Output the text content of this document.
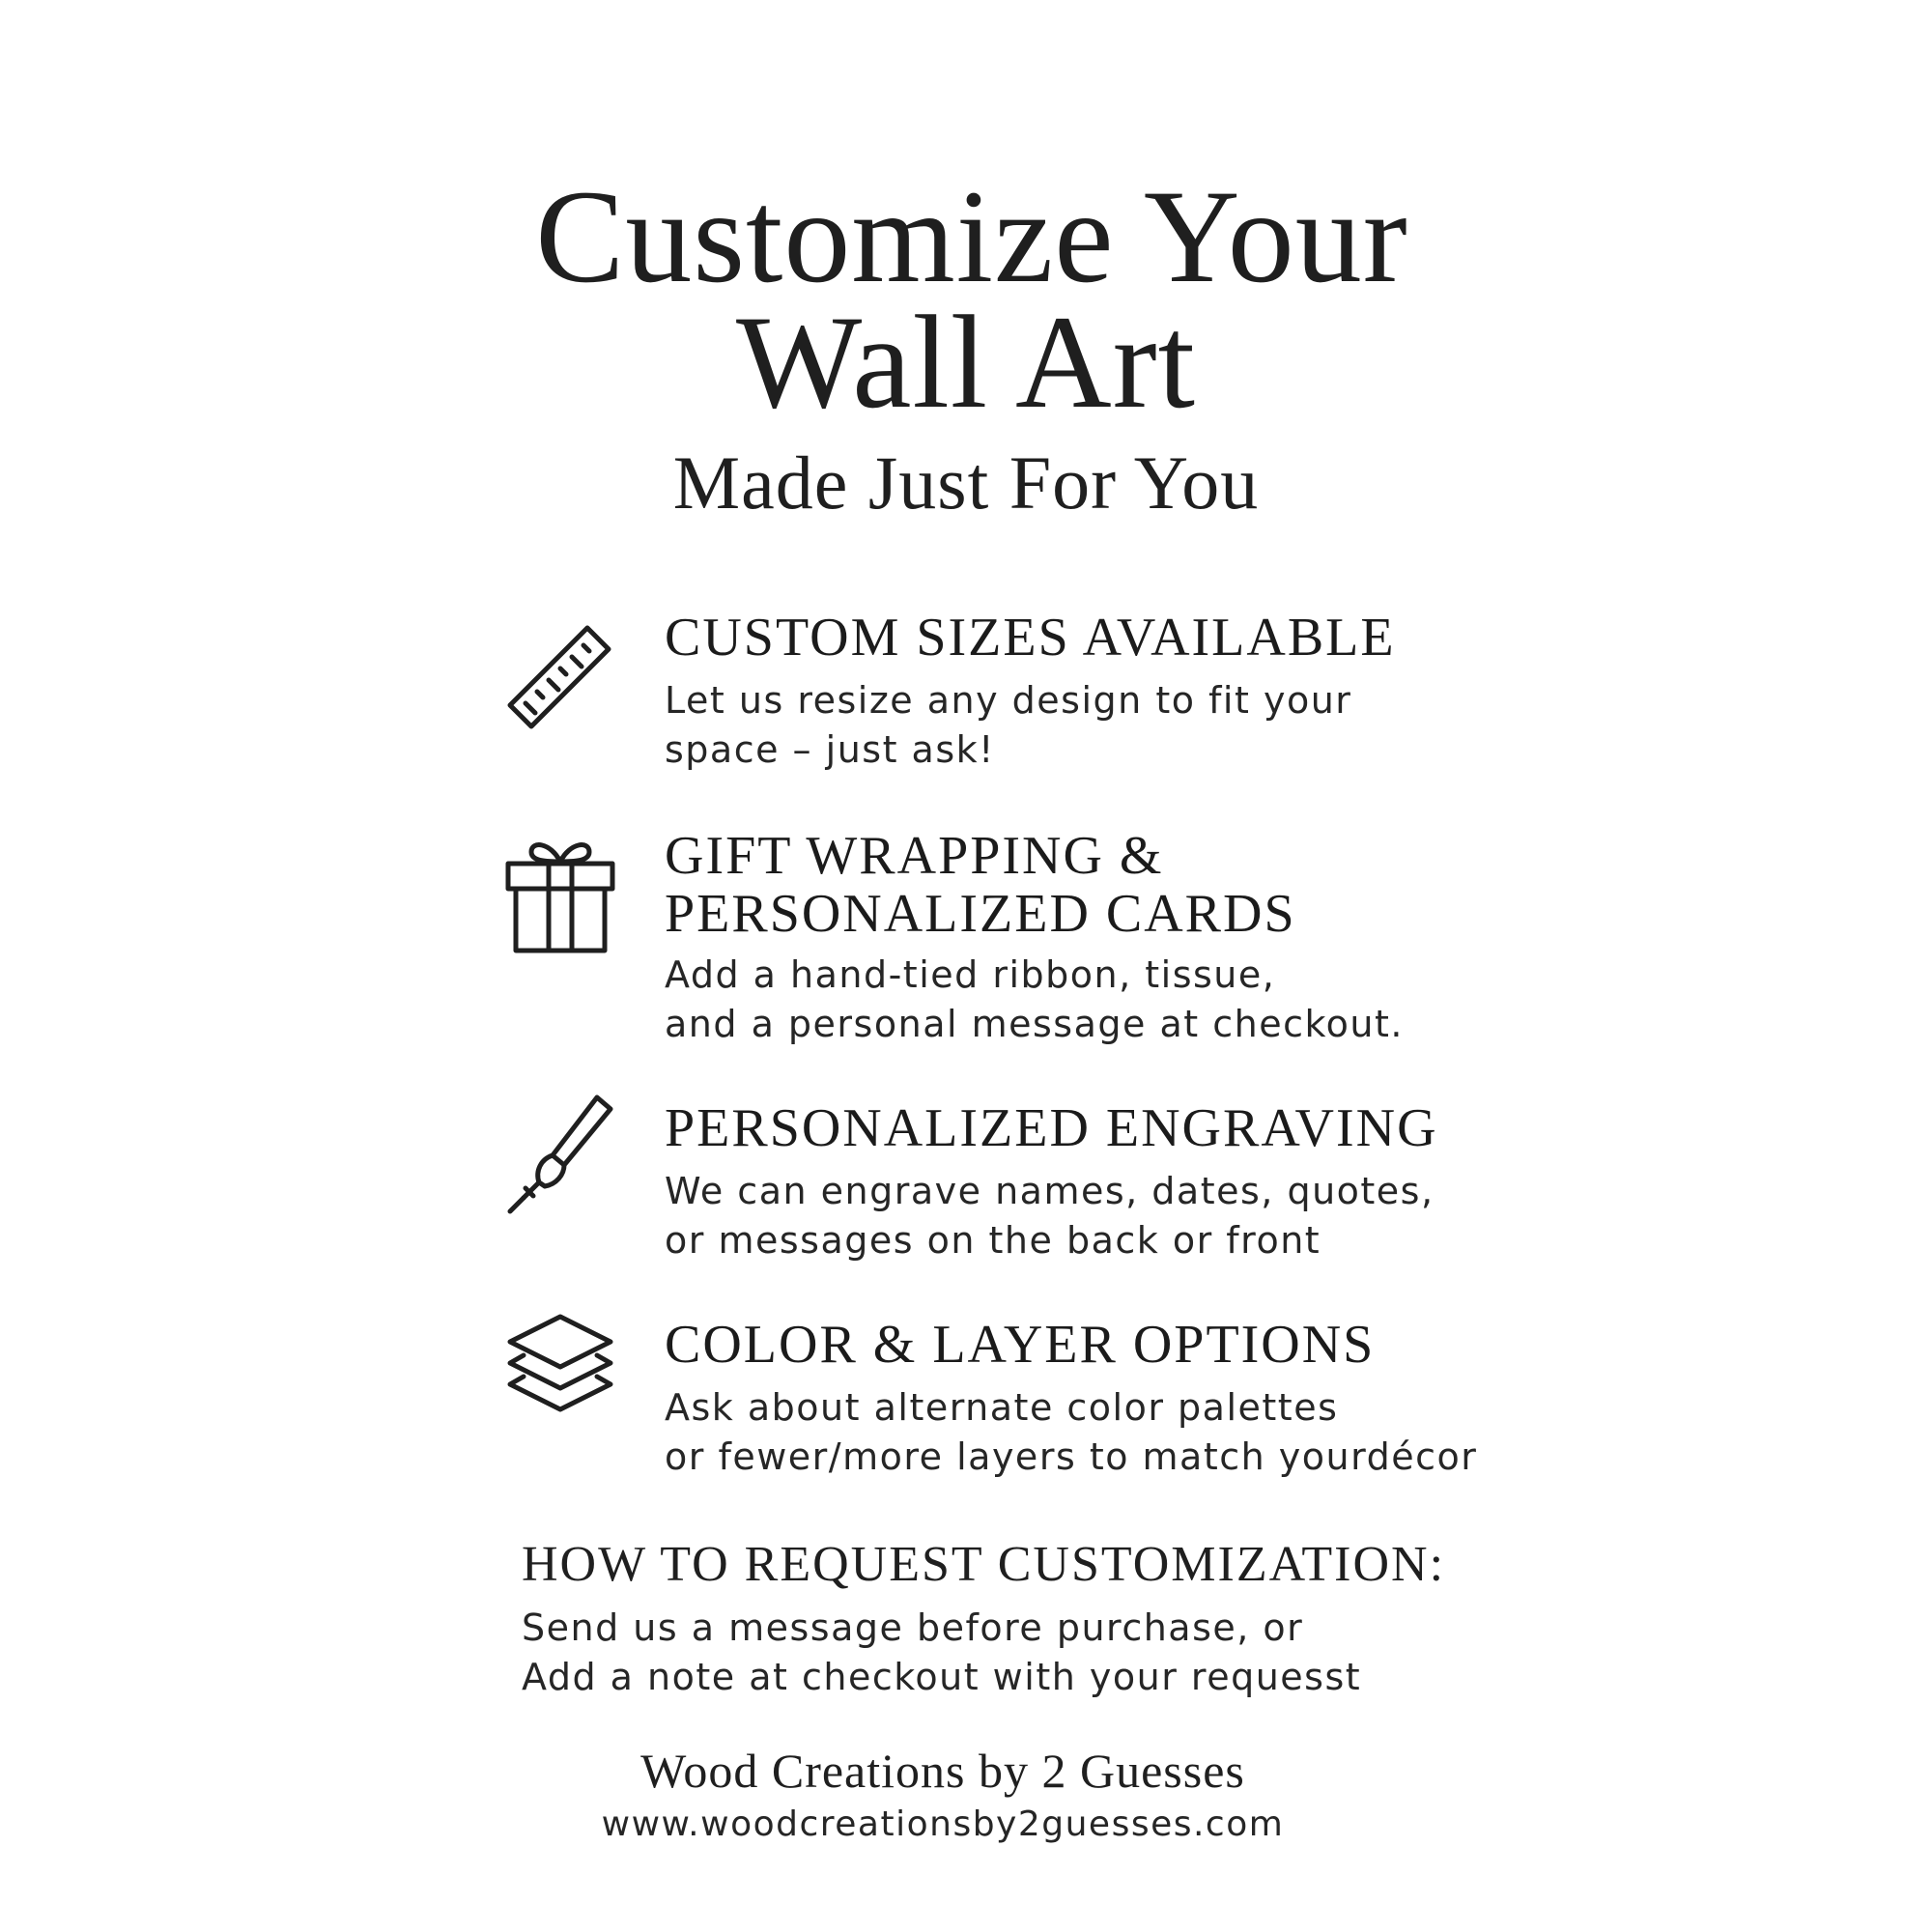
Customize Your
Wall Art
Made Just For You
CUSTOM SIZES AVAILABLE
Let us resize any design to fit your
space – just ask!
GIFT WRAPPING &
PERSONALIZED CARDS
Add a hand-tied ribbon, tissue,
and a personal message at checkout.
PERSONALIZED ENGRAVING
We can engrave names, dates, quotes,
or messages on the back or front
COLOR & LAYER OPTIONS
Ask about alternate color palettes
or fewer/more layers to match yourdécor
HOW TO REQUEST CUSTOMIZATION:
Send us a message before purchase, or
Add a note at checkout with your requesst
Wood Creations by 2 Guesses
www.woodcreationsby2guesses.com
